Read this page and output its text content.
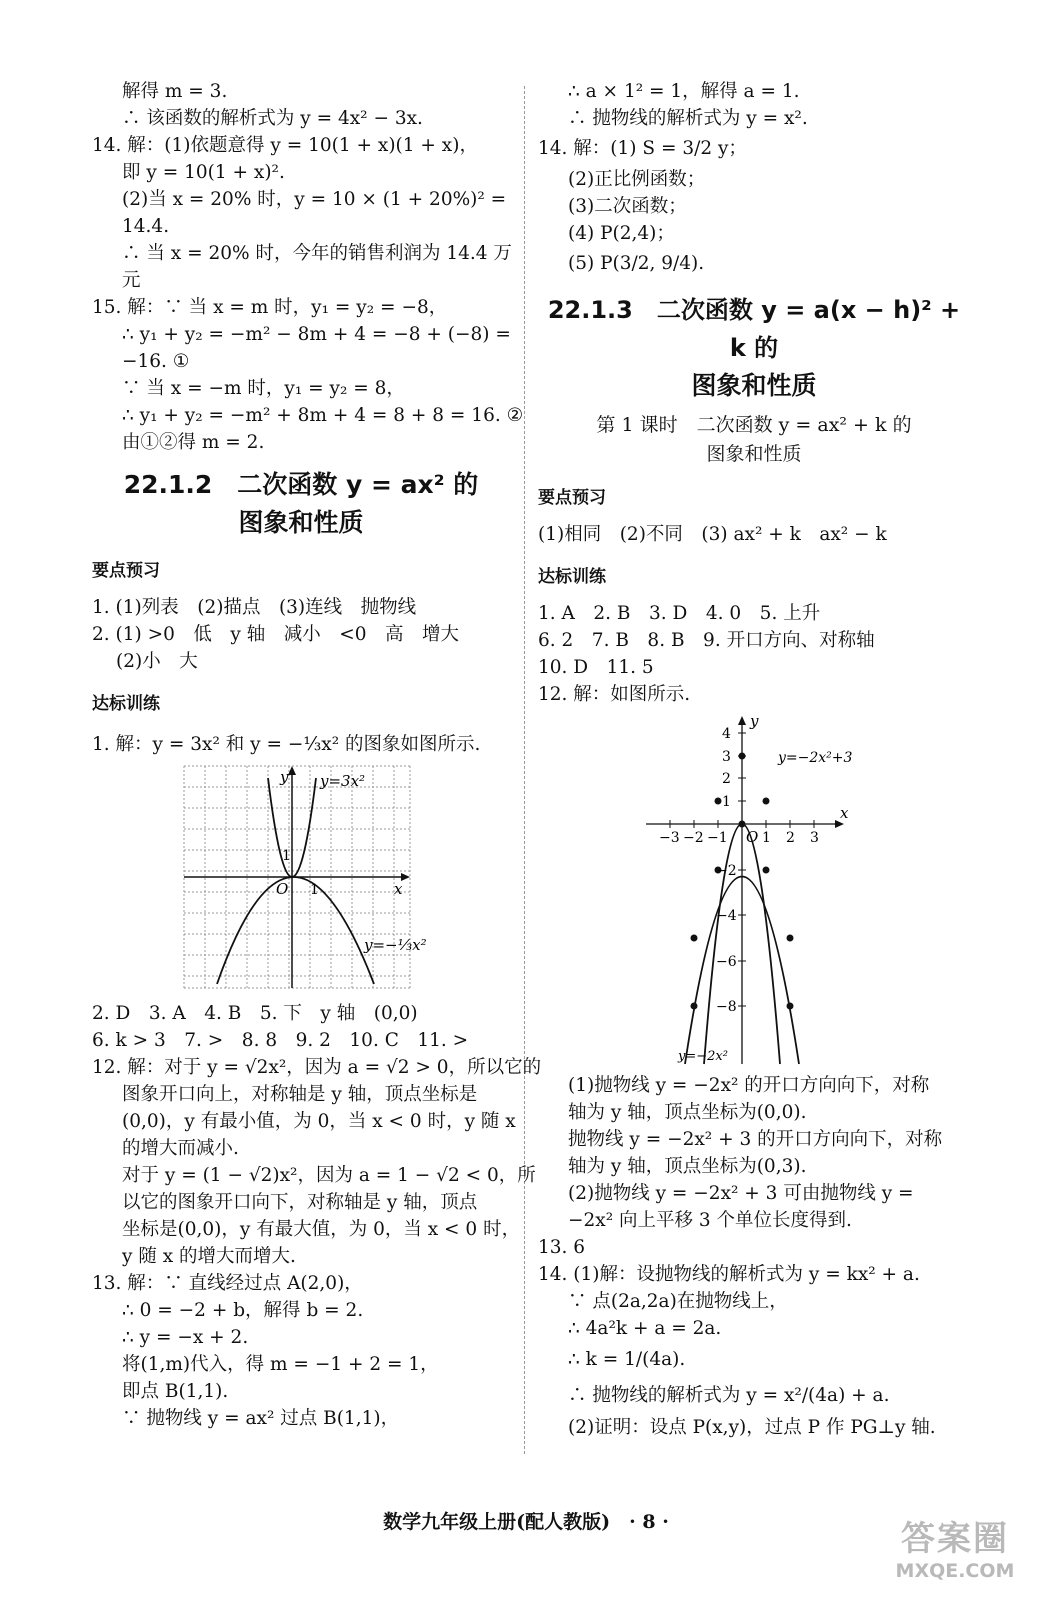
解得 m = 3.
∴ 该函数的解析式为 y = 4x² − 3x.
14. 解：(1)依题意得 y = 10(1 + x)(1 + x)，
即 y = 10(1 + x)².
(2)当 x = 20% 时，y = 10 × (1 + 20%)² =
14.4.
∴ 当 x = 20% 时，今年的销售利润为 14.4 万
元
15. 解：∵ 当 x = m 时，y₁ = y₂ = −8，
∴ y₁ + y₂ = −m² − 8m + 4 = −8 + (−8) =
−16. ①
∵ 当 x = −m 时，y₁ = y₂ = 8，
∴ y₁ + y₂ = −m² + 8m + 4 = 8 + 8 = 16. ②
由①②得 m = 2.
22.1.2　二次函数 y = ax² 的
图象和性质
要点预习
1. (1)列表　(2)描点　(3)连线　抛物线
2. (1) >0　低　y 轴　减小　<0　高　增大
(2)小　大
达标训练
1. 解：y = 3x² 和 y = −⅓x² 的图象如图所示.
y
x
O 1
1
y=3x²
y=−⅓x²
2. D　3. A　4. B　5. 下　y 轴　(0,0)
6. k > 3　7. >　8. 8　9. 2　10. C　11. >
12. 解：对于 y = √2x²，因为 a = √2 > 0，所以它的
图象开口向上，对称轴是 y 轴，顶点坐标是
(0,0)，y 有最小值，为 0，当 x < 0 时，y 随 x
的增大而减小.
对于 y = (1 − √2)x²，因为 a = 1 − √2 < 0，所
以它的图象开口向下，对称轴是 y 轴，顶点
坐标是(0,0)，y 有最大值，为 0，当 x < 0 时，
y 随 x 的增大而增大.
13. 解：∵ 直线经过点 A(2,0)，
∴ 0 = −2 + b，解得 b = 2.
∴ y = −x + 2.
将(1,m)代入，得 m = −1 + 2 = 1，
即点 B(1,1).
∵ 抛物线 y = ax² 过点 B(1,1)，
∴ a × 1² = 1，解得 a = 1.
∴ 抛物线的解析式为 y = x².
14. 解：(1) S = 3/2 y；
(2)正比例函数；
(3)二次函数；
(4) P(2,4)；
(5) P(3/2, 9/4).
22.1.3　二次函数 y = a(x − h)² + k 的
图象和性质
第 1 课时　二次函数 y = ax² + k 的
图象和性质
要点预习
(1)相同　(2)不同　(3) ax² + k　ax² − k
达标训练
1. A　2. B　3. D　4. 0　5. 上升
6. 2　7. B　8. B　9. 开口方向、对称轴
10. D　11. 5
12. 解：如图所示.
y
x
O
−3 −2 −1 1 2 3
4
3
2
1
−2
−4
−6
−8
y=−2x²+3
y=−2x²
(1)抛物线 y = −2x² 的开口方向向下，对称
轴为 y 轴，顶点坐标为(0,0).
抛物线 y = −2x² + 3 的开口方向向下，对称
轴为 y 轴，顶点坐标为(0,3).
(2)抛物线 y = −2x² + 3 可由抛物线 y =
−2x² 向上平移 3 个单位长度得到.
13. 6
14. (1)解：设抛物线的解析式为 y = kx² + a.
∵ 点(2a,2a)在抛物线上，
∴ 4a²k + a = 2a.
∴ k = 1/(4a).
∴ 抛物线的解析式为 y = x²/(4a) + a.
(2)证明：设点 P(x,y)，过点 P 作 PG⊥y 轴.
数学九年级上册(配人教版)　· 8 ·	答案圈
MXQE.COM
